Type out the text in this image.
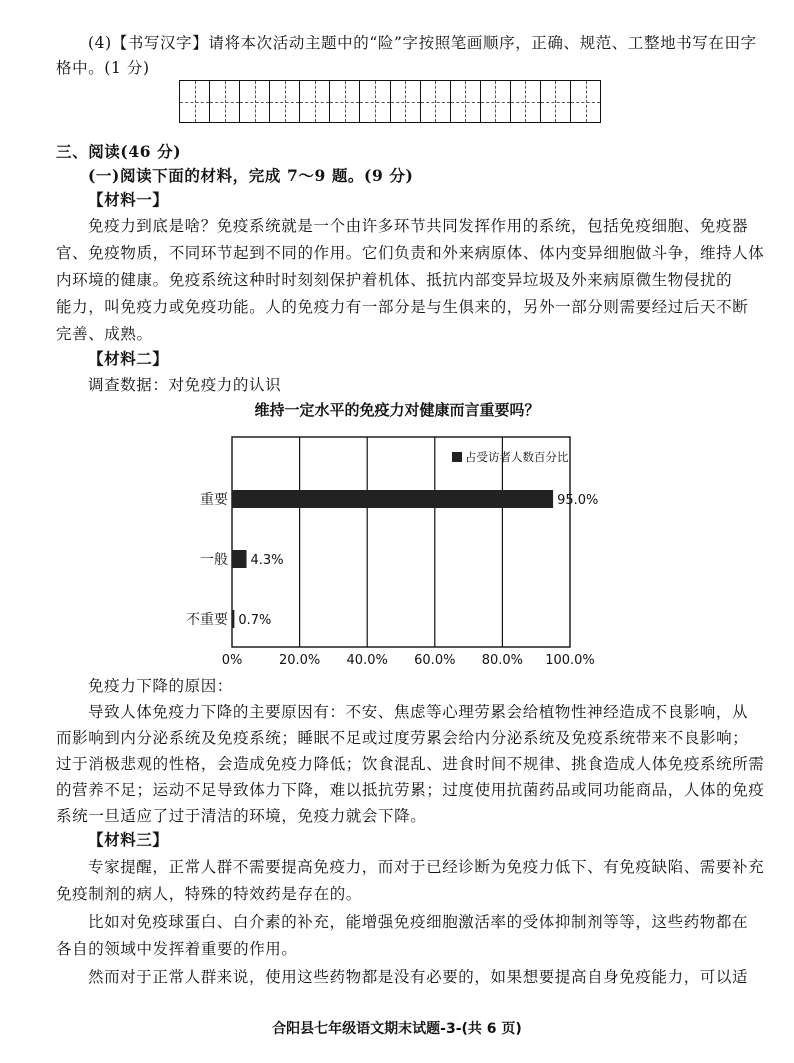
(4)【书写汉字】请将本次活动主题中的“险”字按照笔画顺序，正确、规范、工整地书写在田字
格中。(1 分)
三、阅读(46 分)
(一)阅读下面的材料，完成 7～9 题。(9 分)
【材料一】
免疫力到底是啥？免疫系统就是一个由许多环节共同发挥作用的系统，包括免疫细胞、免疫器
官、免疫物质，不同环节起到不同的作用。它们负责和外来病原体、体内变异细胞做斗争，维持人体
内环境的健康。免疫系统这种时时刻刻保护着机体、抵抗内部变异垃圾及外来病原微生物侵扰的
能力，叫免疫力或免疫功能。人的免疫力有一部分是与生俱来的，另外一部分则需要经过后天不断
完善、成熟。
【材料二】
调查数据：对免疫力的认识
维持一定水平的免疫力对健康而言重要吗？
0%	20.0% 40.0% 60.0% 80.0% 100.0%
重要	95.0%
一般 4.3%
不重要 0.7%
占受访者人数百分比
免疫力下降的原因：
导致人体免疫力下降的主要原因有：不安、焦虑等心理劳累会给植物性神经造成不良影响，从
而影响到内分泌系统及免疫系统；睡眠不足或过度劳累会给内分泌系统及免疫系统带来不良影响；
过于消极悲观的性格，会造成免疫力降低；饮食混乱、进食时间不规律、挑食造成人体免疫系统所需
的营养不足；运动不足导致体力下降，难以抵抗劳累；过度使用抗菌药品或同功能商品，人体的免疫
系统一旦适应了过于清洁的环境，免疫力就会下降。
【材料三】
专家提醒，正常人群不需要提高免疫力，而对于已经诊断为免疫力低下、有免疫缺陷、需要补充
免疫制剂的病人，特殊的特效药是存在的。
比如对免疫球蛋白、白介素的补充，能增强免疫细胞激活率的受体抑制剂等等，这些药物都在
各自的领域中发挥着重要的作用。
然而对于正常人群来说，使用这些药物都是没有必要的，如果想要提高自身免疫能力，可以适
合阳县七年级语文期末试题-3-(共 6 页)
